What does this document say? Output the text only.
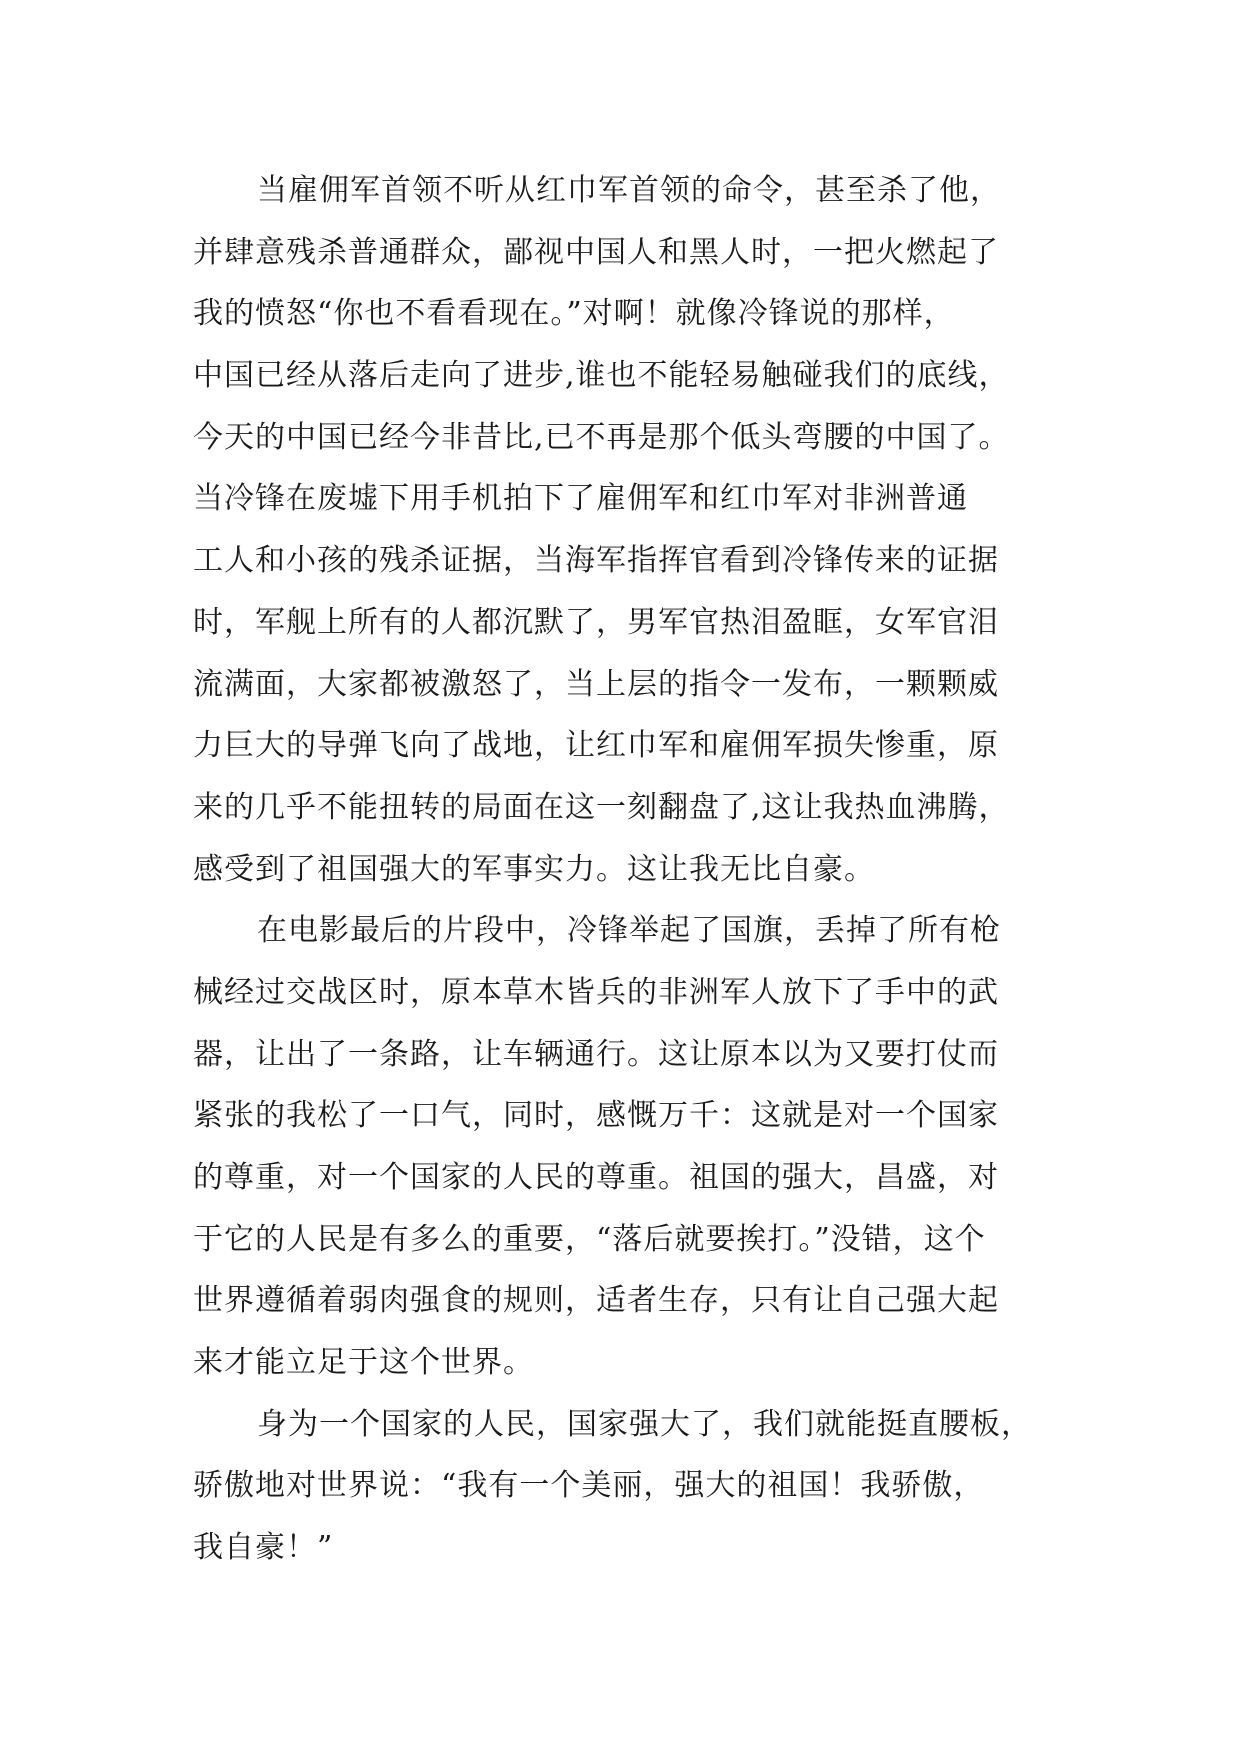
当雇佣军首领不听从红巾军首领的命令，甚至杀了他，
并肆意残杀普通群众，鄙视中国人和黑人时，一把火燃起了
我的愤怒“你也不看看现在。”对啊！就像冷锋说的那样，
中国已经从落后走向了进步,谁也不能轻易触碰我们的底线，
今天的中国已经今非昔比,已不再是那个低头弯腰的中国了。
当冷锋在废墟下用手机拍下了雇佣军和红巾军对非洲普通
工人和小孩的残杀证据，当海军指挥官看到冷锋传来的证据
时，军舰上所有的人都沉默了，男军官热泪盈眶，女军官泪
流满面，大家都被激怒了，当上层的指令一发布，一颗颗威
力巨大的导弹飞向了战地，让红巾军和雇佣军损失惨重，原
来的几乎不能扭转的局面在这一刻翻盘了,这让我热血沸腾，
感受到了祖国强大的军事实力。这让我无比自豪。
在电影最后的片段中，冷锋举起了国旗，丢掉了所有枪
械经过交战区时，原本草木皆兵的非洲军人放下了手中的武
器，让出了一条路，让车辆通行。这让原本以为又要打仗而
紧张的我松了一口气，同时，感慨万千：这就是对一个国家
的尊重，对一个国家的人民的尊重。祖国的强大，昌盛，对
于它的人民是有多么的重要，“落后就要挨打。”没错，这个
世界遵循着弱肉强食的规则，适者生存，只有让自己强大起
来才能立足于这个世界。
身为一个国家的人民，国家强大了，我们就能挺直腰板，
骄傲地对世界说：“我有一个美丽，强大的祖国！我骄傲，
我自豪！”
